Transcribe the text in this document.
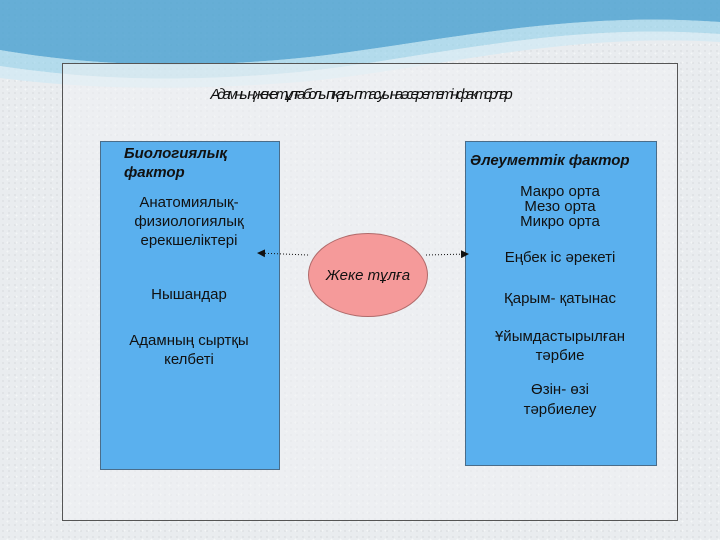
Адамның жеке тұлға болып қалыптасуына әсер ететін факторлар
Биологиялық
фактор
Анатомиялық-
физиологиялық
ерекшеліктері
Нышандар
Адамның сыртқы
келбеті
Әлеуметтік фактор
Макро орта
Мезо орта
Микро орта
Еңбек іс әрекеті
Қарым- қатынас
Ұйымдастырылған
тәрбие
Өзін- өзі
тәрбиелеу
Жеке тұлға
